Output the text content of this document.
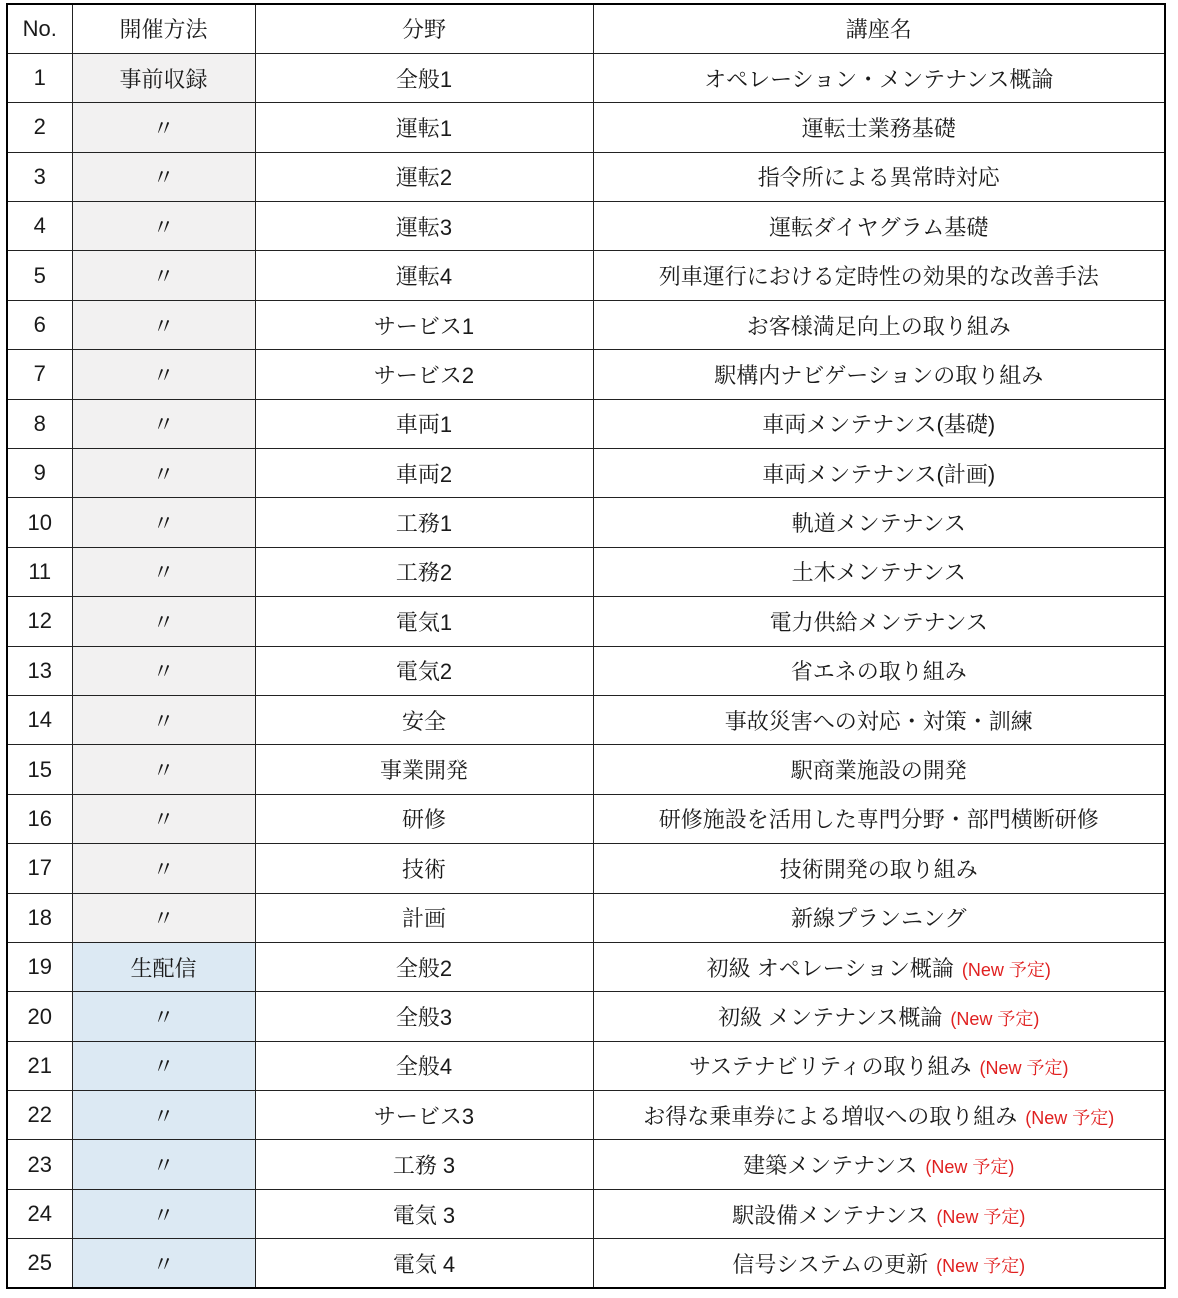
No.	開催方法	分野	講座名
1	事前収録	全般1	オペレーション・メンテナンス概論
2	〃	運転1	運転士業務基礎
3	〃	運転2	指令所による異常時対応
4	〃	運転3	運転ダイヤグラム基礎
5	〃	運転4	列車運行における定時性の効果的な改善手法
6	〃	サービス1	お客様満足向上の取り組み
7	〃	サービス2	駅構内ナビゲーションの取り組み
8	〃	車両1	車両メンテナンス(基礎)
9	〃	車両2	車両メンテナンス(計画)
10	〃	工務1	軌道メンテナンス
11	〃	工務2	土木メンテナンス
12	〃	電気1	電力供給メンテナンス
13	〃	電気2	省エネの取り組み
14	〃	安全	事故災害への対応・対策・訓練
15	〃	事業開発	駅商業施設の開発
16	〃	研修	研修施設を活用した専門分野・部門横断研修
17	〃	技術	技術開発の取り組み
18	〃	計画	新線プランニング
19	生配信	全般2	初級 オペレーション概論 (New 予定)
20	〃	全般3	初級 メンテナンス概論 (New 予定)
21	〃	全般4	サステナビリティの取り組み (New 予定)
22	〃	サービス3	お得な乗車券による増収への取り組み (New 予定)
23	〃	工務 3	建築メンテナンス (New 予定)
24	〃	電気 3	駅設備メンテナンス (New 予定)
25	〃	電気 4	信号システムの更新 (New 予定)
